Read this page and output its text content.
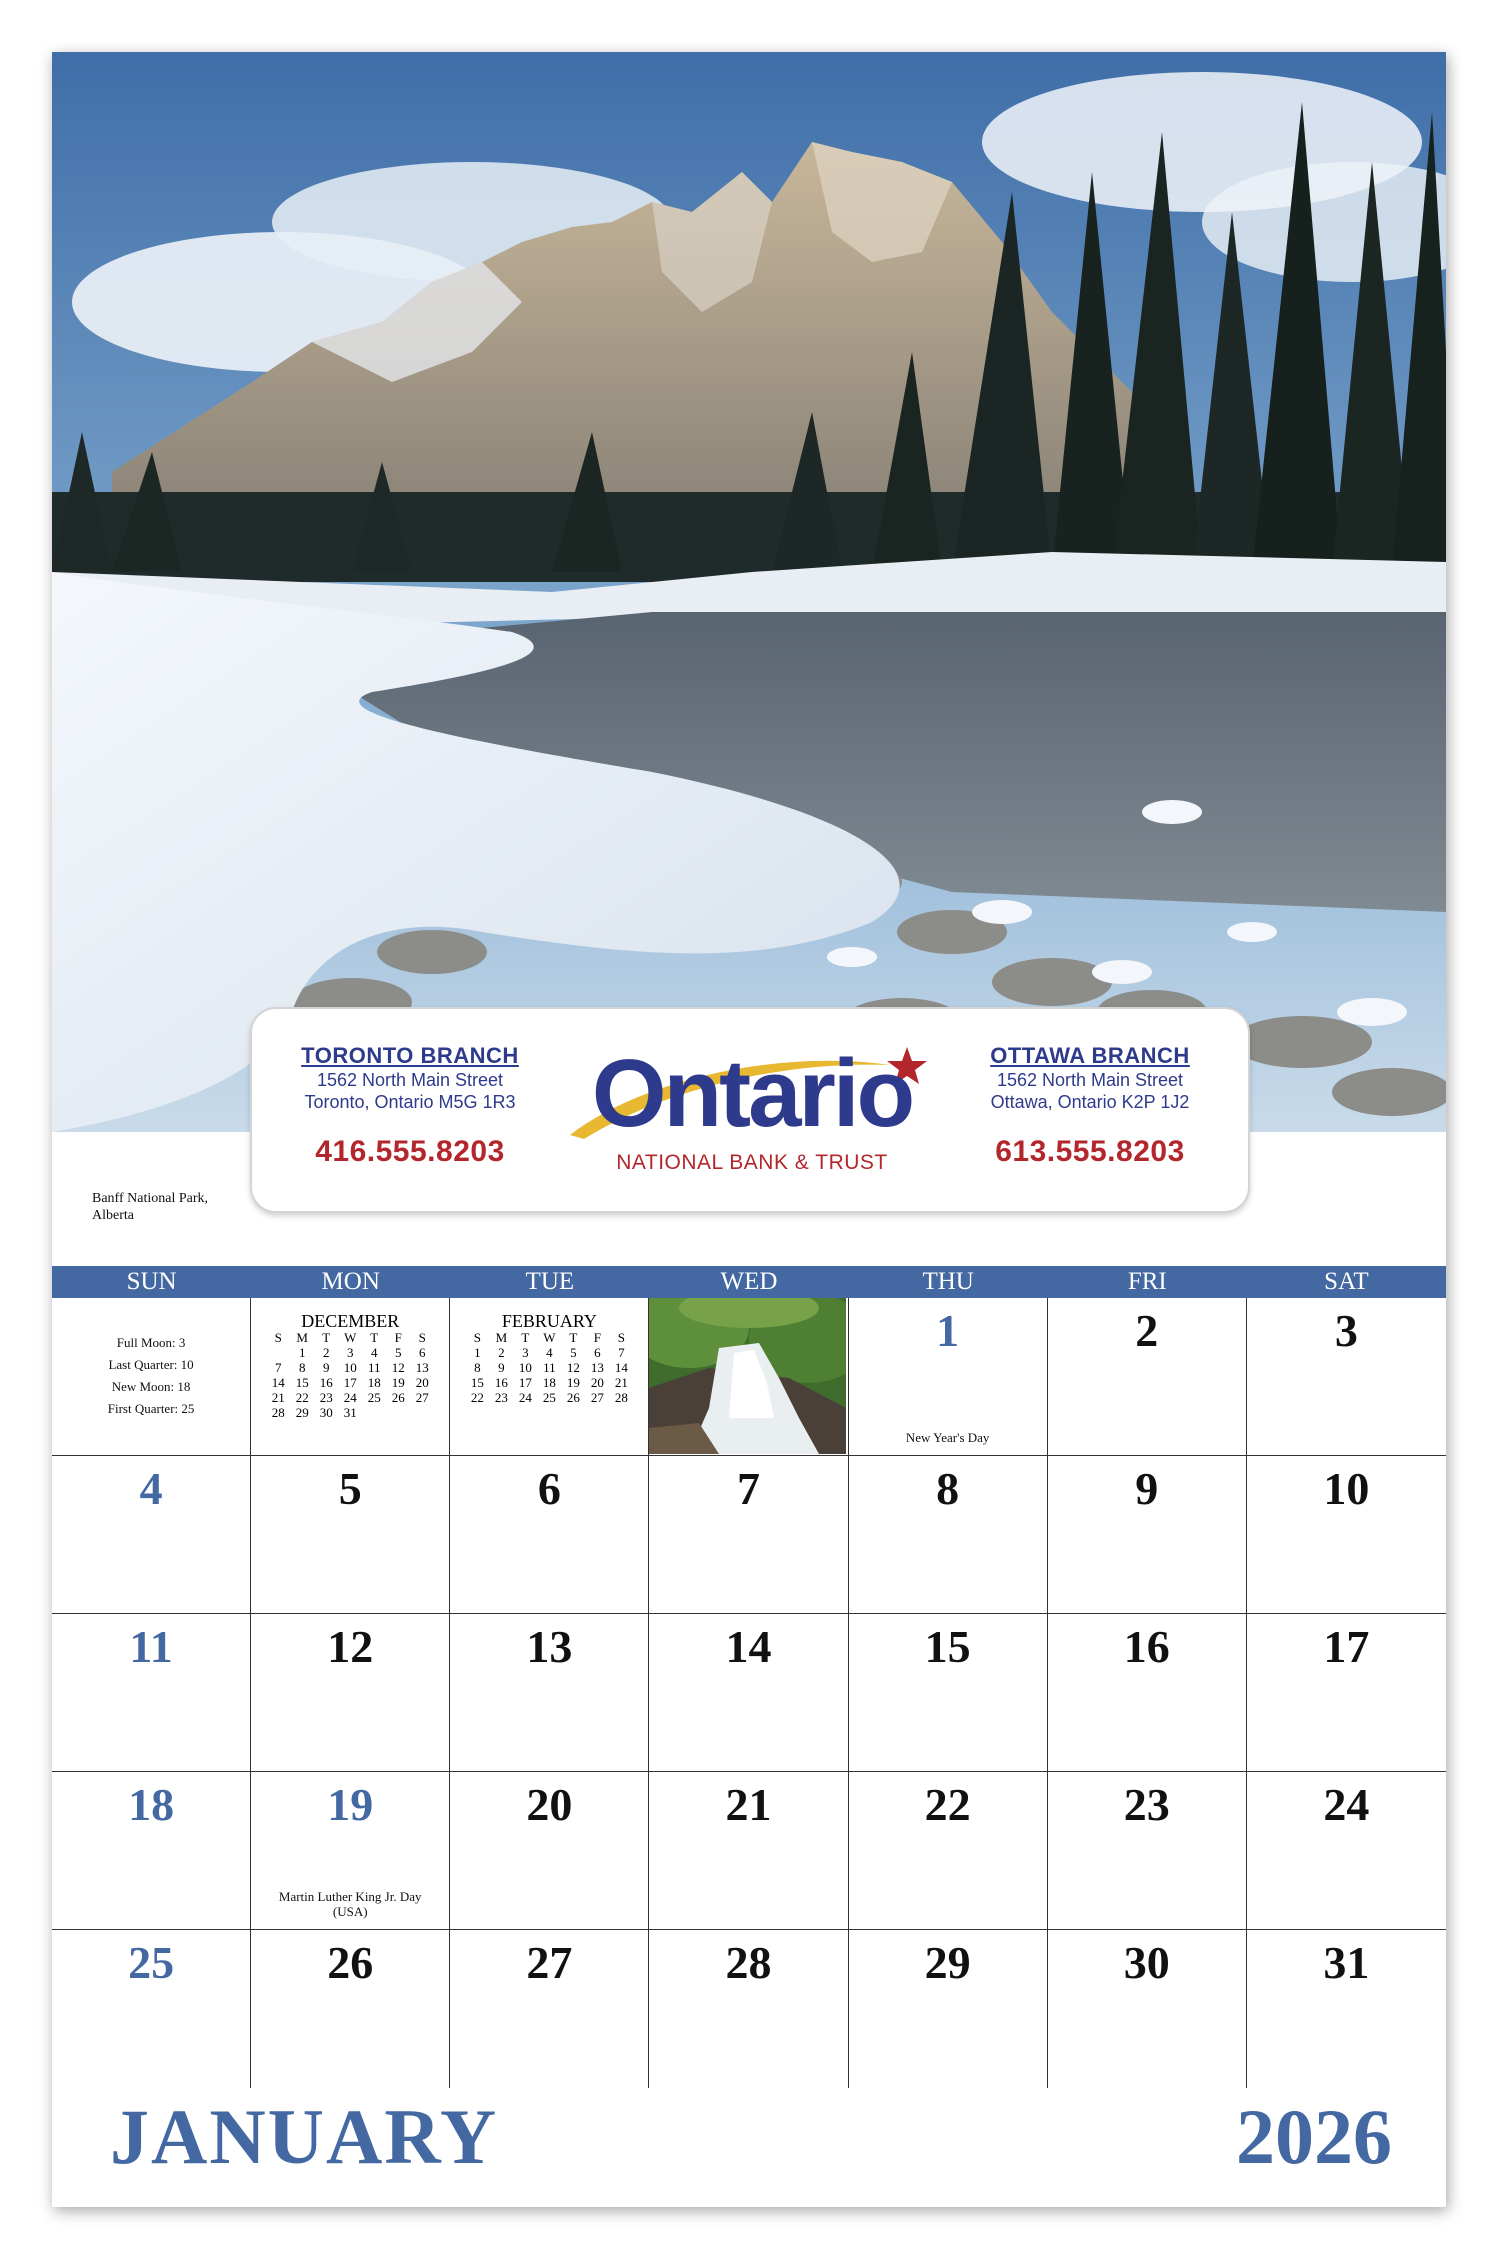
Banff National Park,
Alberta
TORONTO BRANCH
1562 North Main Street
Toronto, Ontario M5G 1R3
416.555.8203
Ontario
NATIONAL BANK & TRUST
OTTAWA BRANCH
1562 North Main Street
Ottawa, Ontario K2P 1J2
613.555.8203
SUN	MON	TUE	WED	THU	FRI	SAT
Full Moon: 3
Last Quarter: 10
New Moon: 18
First Quarter: 25
DECEMBER
S	M	T	W	T	F	S
	1	2	3	4	5	6
7	8	9	10	11	12	13
14	15	16	17	18	19	20
21	22	23	24	25	26	27
28	29	30	31			
FEBRUARY
S	M	T	W	T	F	S
1	2	3	4	5	6	7
8	9	10	11	12	13	14
15	16	17	18	19	20	21
22	23	24	25	26	27	28
1
New Year's Day
2	3
4	5	6	7	8	9	10
11	12	13	14	15	16	17
18	19
Martin Luther King Jr. Day (USA)
20	21	22	23	24
25	26	27	28	29	30	31
JANUARY	2026
